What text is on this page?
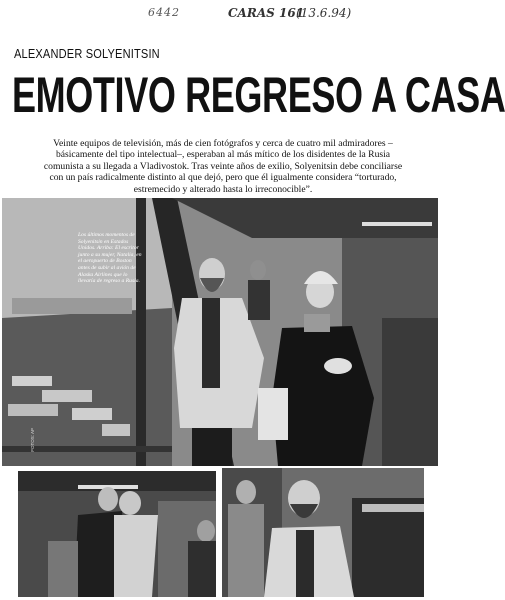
6442	CARAS 161
(13.6.94)
ALEXANDER SOLYENITSIN
EMOTIVO REGRESO A CASA
Veinte equipos de televisión, más de cien fotógrafos y cerca de cuatro mil admiradores –básicamente del tipo intelectual–, esperaban al más mítico de los disidentes de la Rusia comunista a su llegada a Vladivostok. Tras veinte años de exilio, Solyenitsin debe conciliarse con un país radicalmente distinto al que dejó, pero que él igualmente considera “torturado, estremecido y alterado hasta lo irreconocible”.
FOTOS: AP
Los últimos momentos de Solyenitsin en Estados Unidos. Arriba: El escritor junto a su mujer, Natalia, en el aeropuerto de Boston antes de subir al avión de Alaska Airlines que lo llevaría de regreso a Rusia.
